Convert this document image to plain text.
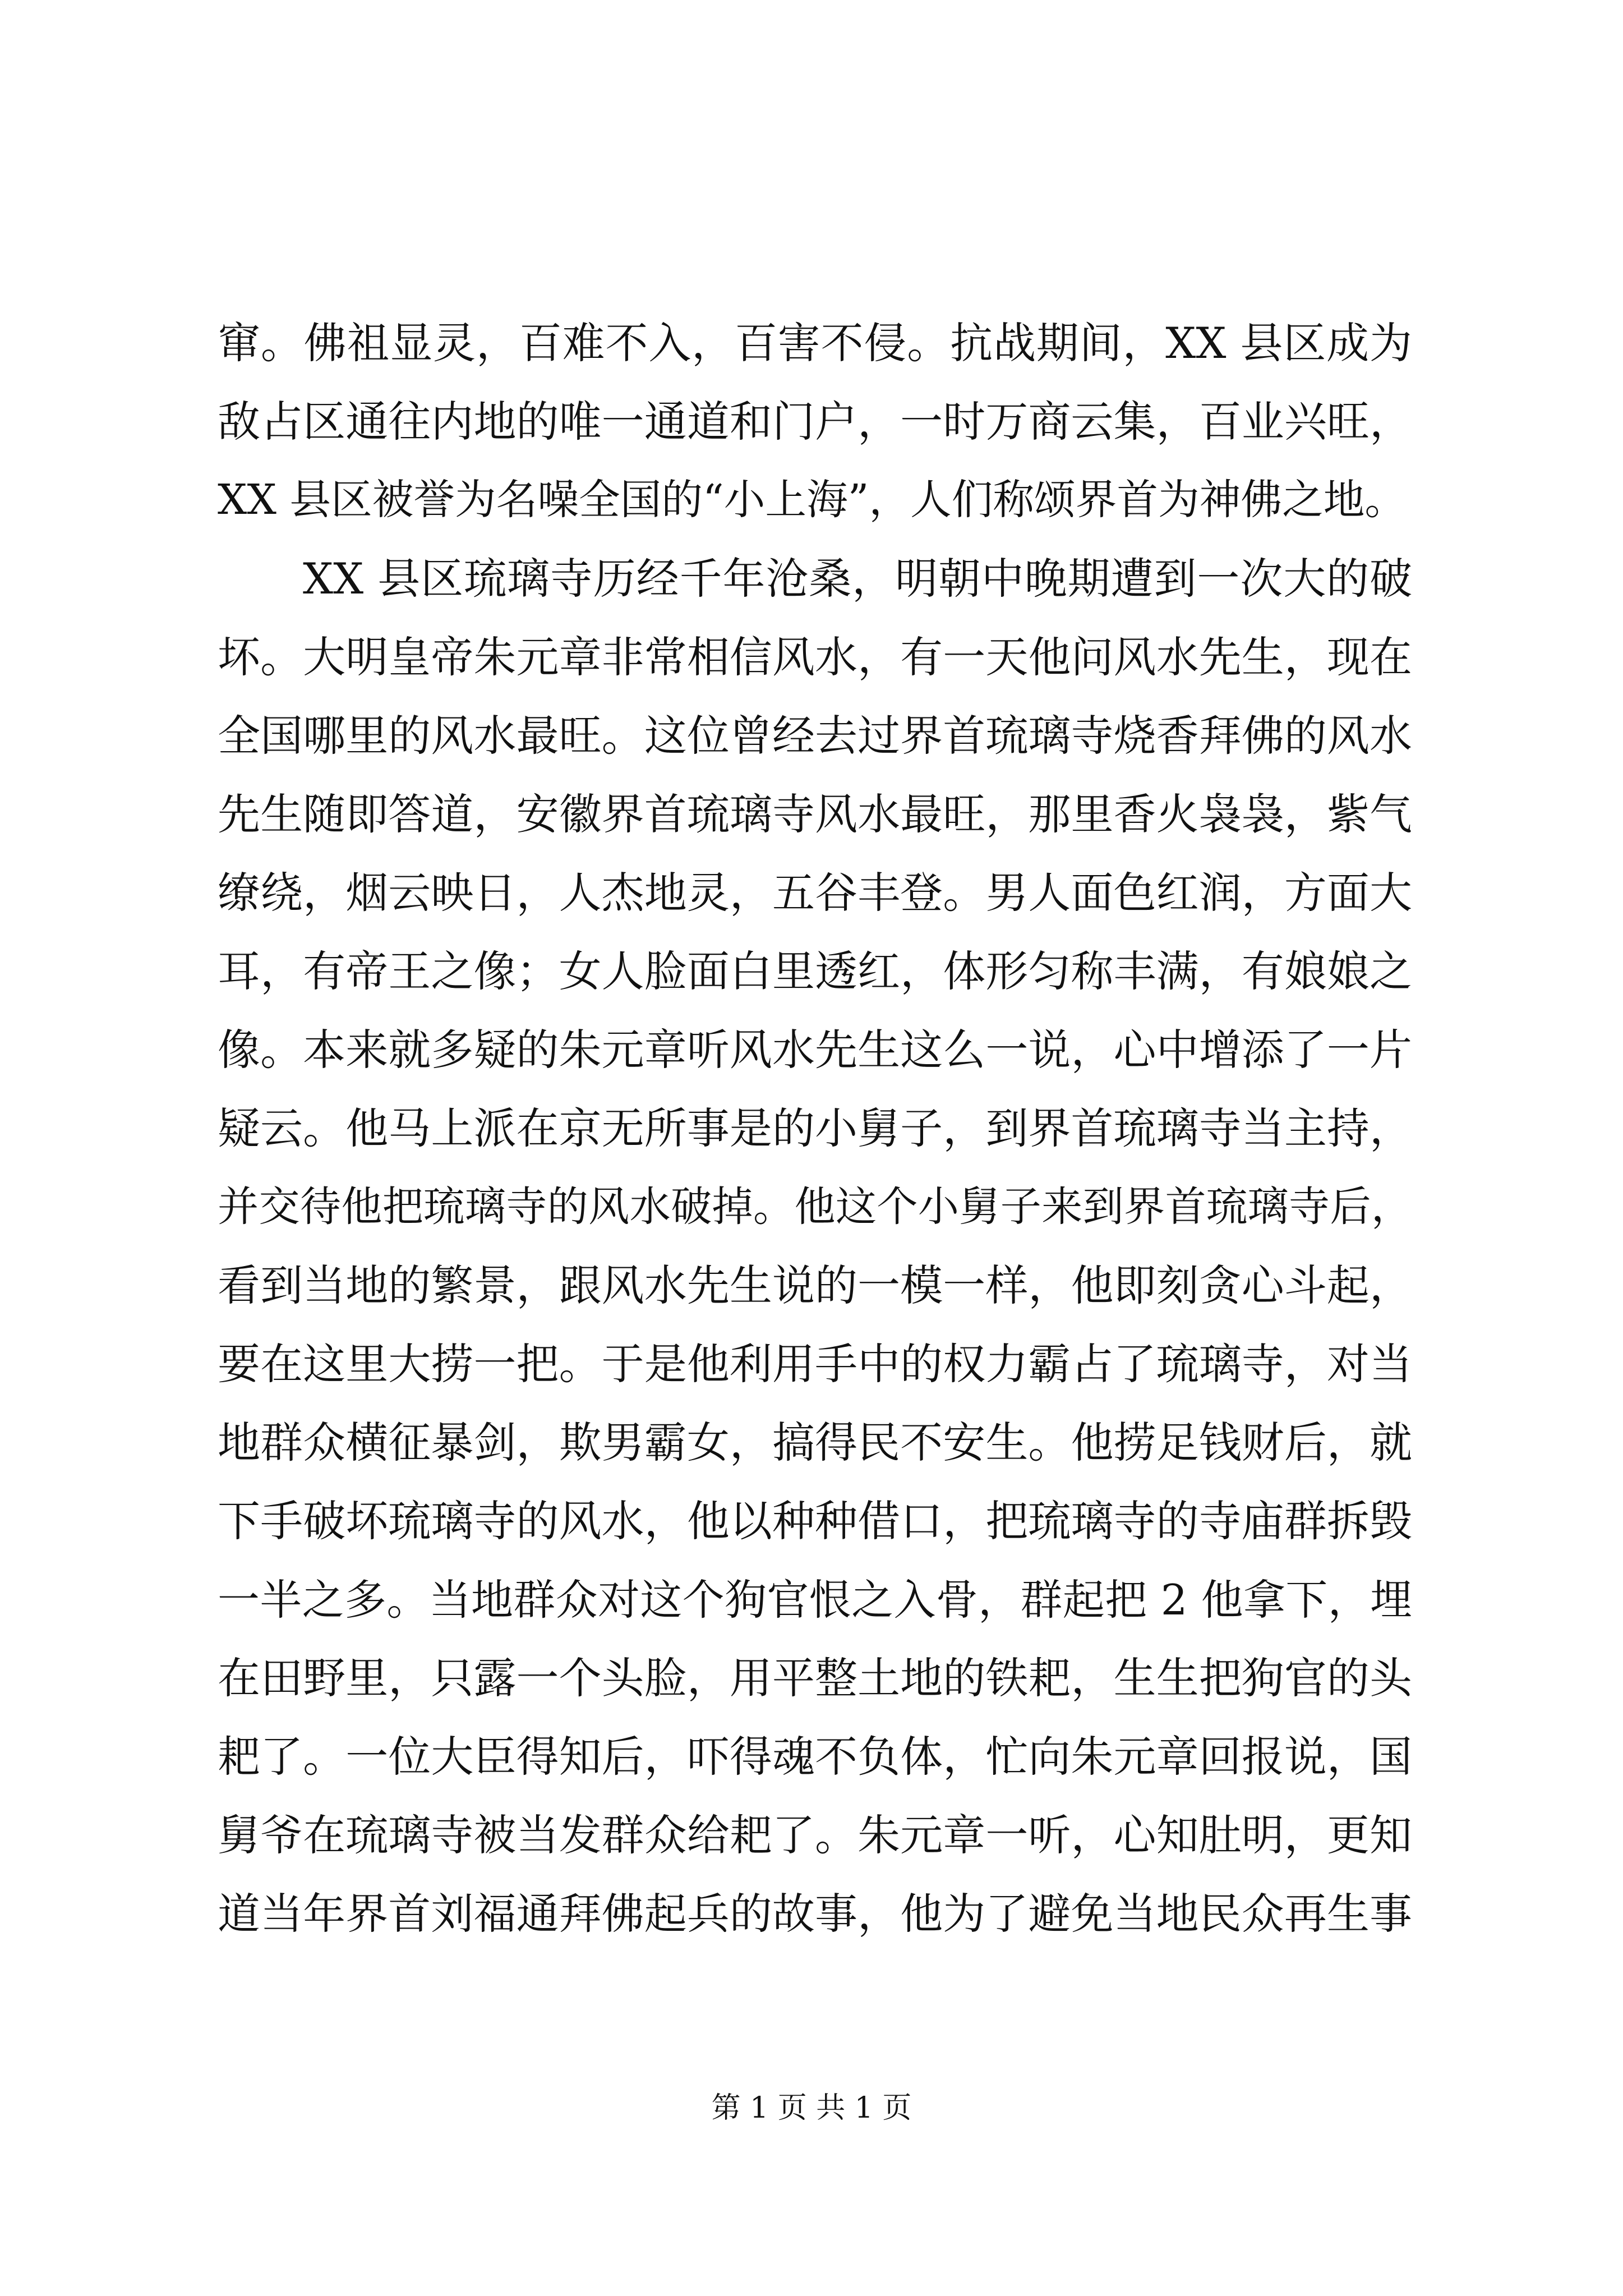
窜。佛祖显灵，百难不入，百害不侵。抗战期间，XX 县区成为
敌占区通往内地的唯一通道和门户，一时万商云集，百业兴旺，
XX 县区被誉为名噪全国的“小上海”，人们称颂界首为神佛之地。
XX 县区琉璃寺历经千年沧桑，明朝中晚期遭到一次大的破
坏。大明皇帝朱元章非常相信风水，有一天他问风水先生，现在
全国哪里的风水最旺。这位曾经去过界首琉璃寺烧香拜佛的风水
先生随即答道，安徽界首琉璃寺风水最旺，那里香火袅袅，紫气
缭绕，烟云映日，人杰地灵，五谷丰登。男人面色红润，方面大
耳，有帝王之像；女人脸面白里透红，体形匀称丰满，有娘娘之
像。本来就多疑的朱元章听风水先生这么一说，心中增添了一片
疑云。他马上派在京无所事是的小舅子，到界首琉璃寺当主持，
并交待他把琉璃寺的风水破掉。他这个小舅子来到界首琉璃寺后，
看到当地的繁景，跟风水先生说的一模一样，他即刻贪心斗起，
要在这里大捞一把。于是他利用手中的权力霸占了琉璃寺，对当
地群众横征暴剑，欺男霸女，搞得民不安生。他捞足钱财后，就
下手破坏琉璃寺的风水，他以种种借口，把琉璃寺的寺庙群拆毁
一半之多。当地群众对这个狗官恨之入骨，群起把 2 他拿下，埋
在田野里，只露一个头脸，用平整土地的铁耙，生生把狗官的头
耙了。一位大臣得知后，吓得魂不负体，忙向朱元章回报说，国
舅爷在琉璃寺被当发群众给耙了。朱元章一听，心知肚明，更知
道当年界首刘福通拜佛起兵的故事，他为了避免当地民众再生事
第 1 页 共 1 页
